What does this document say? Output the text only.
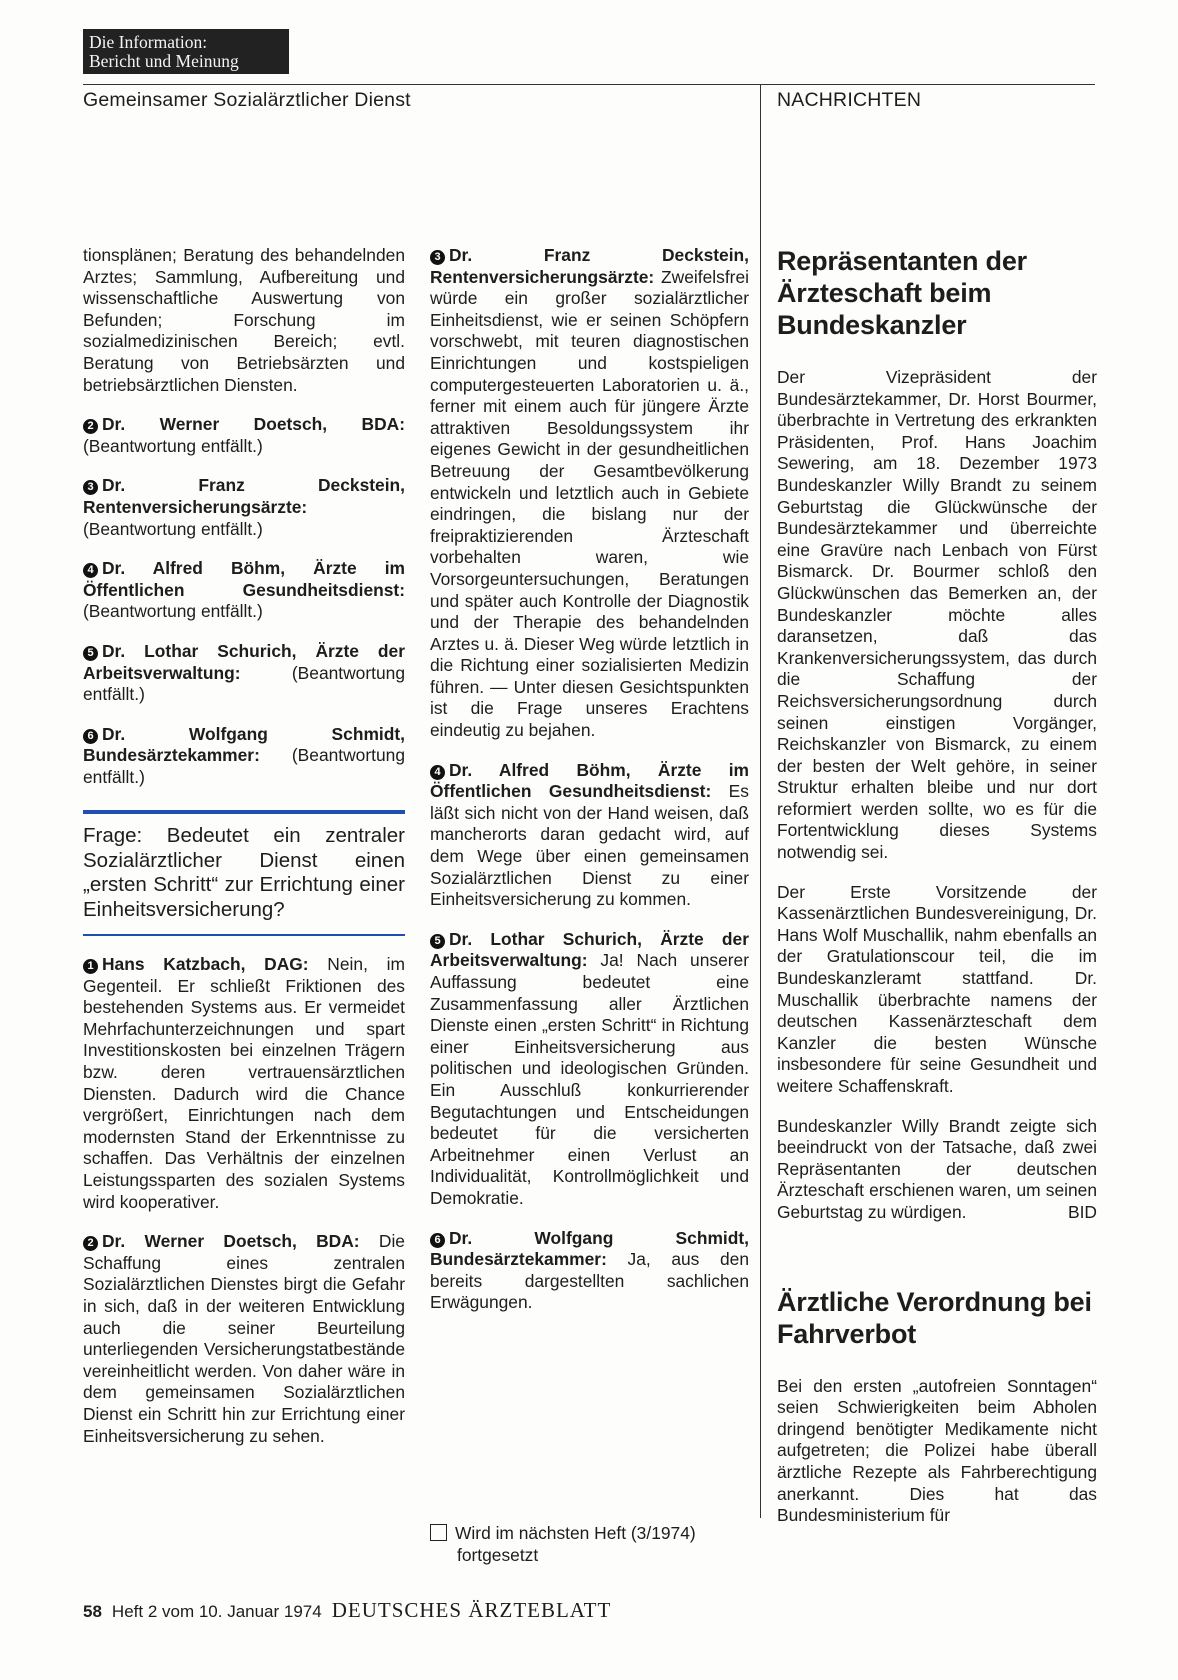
Die Information:
Bericht und Meinung
Gemeinsamer Sozialärztlicher Dienst	NACHRICHTEN

tionsplänen; Beratung des behandelnden Arztes; Sammlung, Aufbereitung und wissenschaftliche Auswertung von Befunden; Forschung im sozialmedizinischen Bereich; evtl. Beratung von Betriebsärzten und betriebsärztlichen Diensten.

2 Dr. Werner Doetsch, BDA: (Beantwortung entfällt.)

3 Dr. Franz Deckstein, Rentenversicherungsärzte: (Beantwortung entfällt.)

4 Dr. Alfred Böhm, Ärzte im Öffentlichen Gesundheitsdienst: (Beantwortung entfällt.)

5 Dr. Lothar Schurich, Ärzte der Arbeitsverwaltung: (Beantwortung entfällt.)

6 Dr. Wolfgang Schmidt, Bundesärztekammer: (Beantwortung entfällt.)

Frage: Bedeutet ein zentraler Sozialärztlicher Dienst einen „ersten Schritt“ zur Errichtung einer Einheitsversicherung?

1 Hans Katzbach, DAG: Nein, im Gegenteil. Er schließt Friktionen des bestehenden Systems aus. Er vermeidet Mehrfachunterzeichnungen und spart Investitionskosten bei einzelnen Trägern bzw. deren vertrauensärztlichen Diensten. Dadurch wird die Chance vergrößert, Einrichtungen nach dem modernsten Stand der Erkenntnisse zu schaffen. Das Verhältnis der einzelnen Leistungssparten des sozialen Systems wird kooperativer.

2 Dr. Werner Doetsch, BDA: Die Schaffung eines zentralen Sozialärztlichen Dienstes birgt die Gefahr in sich, daß in der weiteren Entwicklung auch die seiner Beurteilung unterliegenden Versicherungstatbestände vereinheitlicht werden. Von daher wäre in dem gemeinsamen Sozialärztlichen Dienst ein Schritt hin zur Errichtung einer Einheitsversicherung zu sehen.

3 Dr. Franz Deckstein, Rentenversicherungsärzte: Zweifelsfrei würde ein großer sozialärztlicher Einheitsdienst, wie er seinen Schöpfern vorschwebt, mit teuren diagnostischen Einrichtungen und kostspieligen computergesteuerten Laboratorien u. ä., ferner mit einem auch für jüngere Ärzte attraktiven Besoldungssystem ihr eigenes Gewicht in der gesundheitlichen Betreuung der Gesamtbevölkerung entwickeln und letztlich auch in Gebiete eindringen, die bislang nur der freipraktizierenden Ärzteschaft vorbehalten waren, wie Vorsorgeuntersuchungen, Beratungen und später auch Kontrolle der Diagnostik und der Therapie des behandelnden Arztes u. ä. Dieser Weg würde letztlich in die Richtung einer sozialisierten Medizin führen. — Unter diesen Gesichtspunkten ist die Frage unseres Erachtens eindeutig zu bejahen.

4 Dr. Alfred Böhm, Ärzte im Öffentlichen Gesundheitsdienst: Es läßt sich nicht von der Hand weisen, daß mancherorts daran gedacht wird, auf dem Wege über einen gemeinsamen Sozialärztlichen Dienst zu einer Einheitsversicherung zu kommen.

5 Dr. Lothar Schurich, Ärzte der Arbeitsverwaltung: Ja! Nach unserer Auffassung bedeutet eine Zusammenfassung aller Ärztlichen Dienste einen „ersten Schritt“ in Richtung einer Einheitsversicherung aus politischen und ideologischen Gründen. Ein Ausschluß konkurrierender Begutachtungen und Entscheidungen bedeutet für die versicherten Arbeitnehmer einen Verlust an Individualität, Kontrollmöglichkeit und Demokratie.

6 Dr. Wolfgang Schmidt, Bundesärztekammer: Ja, aus den bereits dargestellten sachlichen Erwägungen.

Wird im nächsten Heft (3/1974)
fortgesetzt
Repräsentanten der Ärzteschaft beim Bundeskanzler

Der Vizepräsident der Bundesärztekammer, Dr. Horst Bourmer, überbrachte in Vertretung des erkrankten Präsidenten, Prof. Hans Joachim Sewering, am 18. Dezember 1973 Bundeskanzler Willy Brandt zu seinem Geburtstag die Glückwünsche der Bundesärztekammer und überreichte eine Gravüre nach Lenbach von Fürst Bismarck. Dr. Bourmer schloß den Glückwünschen das Bemerken an, der Bundeskanzler möchte alles daransetzen, daß das Krankenversicherungssystem, das durch die Schaffung der Reichsversicherungsordnung durch seinen einstigen Vorgänger, Reichskanzler von Bismarck, zu einem der besten der Welt gehöre, in seiner Struktur erhalten bleibe und nur dort reformiert werden sollte, wo es für die Fortentwicklung dieses Systems notwendig sei.

Der Erste Vorsitzende der Kassenärztlichen Bundesvereinigung, Dr. Hans Wolf Muschallik, nahm ebenfalls an der Gratulationscour teil, die im Bundeskanzleramt stattfand. Dr. Muschallik überbrachte namens der deutschen Kassenärzteschaft dem Kanzler die besten Wünsche insbesondere für seine Gesundheit und weitere Schaffenskraft.

Bundeskanzler Willy Brandt zeigte sich beeindruckt von der Tatsache, daß zwei Repräsentanten der deutschen Ärzteschaft erschienen waren, um seinen Geburtstag zu würdigen.	BID

Ärztliche Verordnung bei Fahrverbot

Bei den ersten „autofreien Sonntagen“ seien Schwierigkeiten beim Abholen dringend benötigter Medikamente nicht aufgetreten; die Polizei habe überall ärztliche Rezepte als Fahrberechtigung anerkannt. Dies hat das Bundesministerium für

58 Heft 2 vom 10. Januar 1974 DEUTSCHES ÄRZTEBLATT
